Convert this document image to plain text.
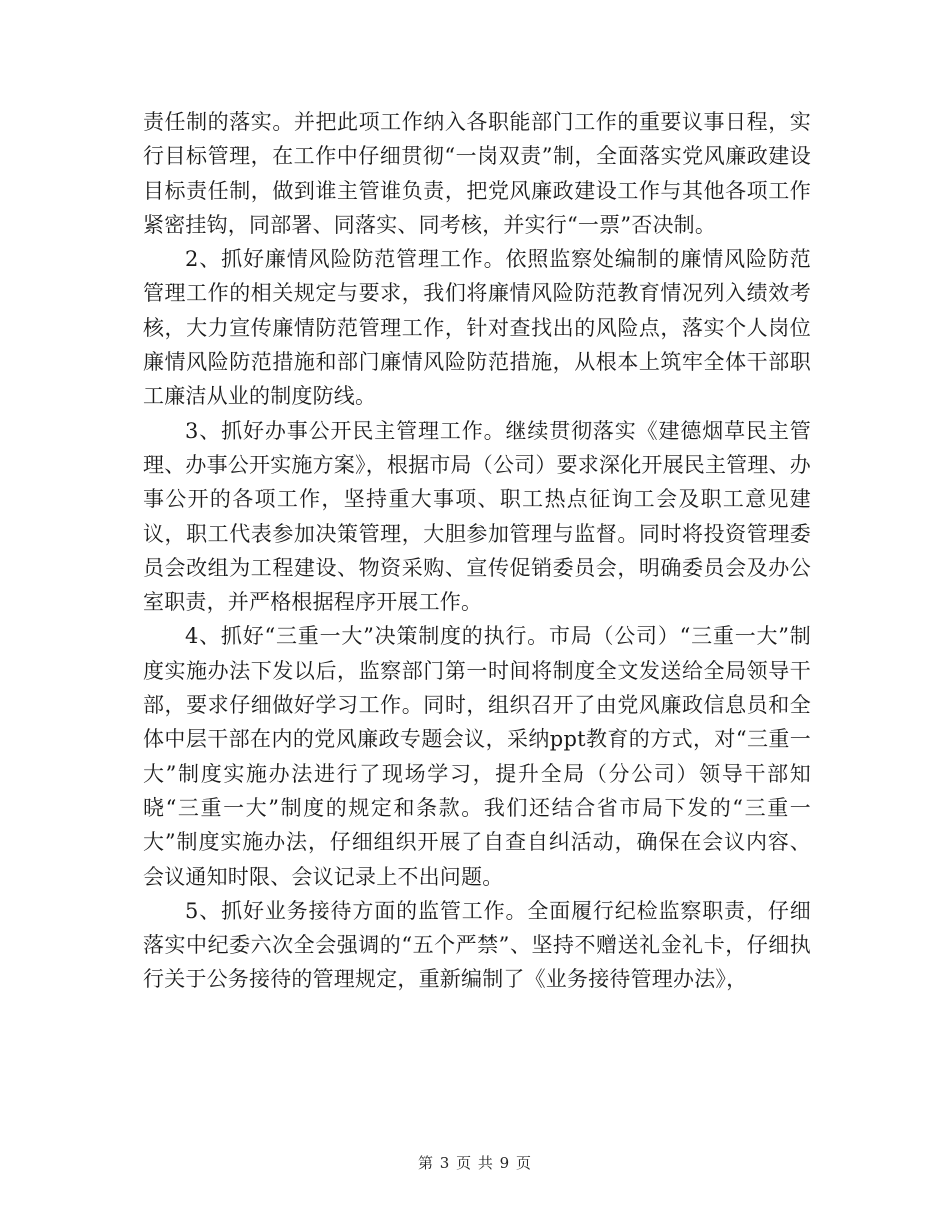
责任制的落实。并把此项工作纳入各职能部门工作的重要议事日程，实行目标管理，在工作中仔细贯彻“一岗双责”制，全面落实党风廉政建设目标责任制，做到谁主管谁负责，把党风廉政建设工作与其他各项工作紧密挂钩，同部署、同落实、同考核，并实行“一票”否决制。

2、抓好廉情风险防范管理工作。依照监察处编制的廉情风险防范管理工作的相关规定与要求，我们将廉情风险防范教育情况列入绩效考核，大力宣传廉情防范管理工作，针对查找出的风险点，落实个人岗位廉情风险防范措施和部门廉情风险防范措施，从根本上筑牢全体干部职工廉洁从业的制度防线。

3、抓好办事公开民主管理工作。继续贯彻落实《建德烟草民主管理、办事公开实施方案》，根据市局（公司）要求深化开展民主管理、办事公开的各项工作，坚持重大事项、职工热点征询工会及职工意见建议，职工代表参加决策管理，大胆参加管理与监督。同时将投资管理委员会改组为工程建设、物资采购、宣传促销委员会，明确委员会及办公室职责，并严格根据程序开展工作。

4、抓好“三重一大”决策制度的执行。市局（公司）“三重一大”制度实施办法下发以后，监察部门第一时间将制度全文发送给全局领导干部，要求仔细做好学习工作。同时，组织召开了由党风廉政信息员和全体中层干部在内的党风廉政专题会议，采纳ppt教育的方式，对“三重一大”制度实施办法进行了现场学习，提升全局（分公司）领导干部知晓“三重一大”制度的规定和条款。我们还结合省市局下发的“三重一大”制度实施办法，仔细组织开展了自查自纠活动，确保在会议内容、会议通知时限、会议记录上不出问题。

5、抓好业务接待方面的监管工作。全面履行纪检监察职责，仔细落实中纪委六次全会强调的“五个严禁”、坚持不赠送礼金礼卡，仔细执行关于公务接待的管理规定，重新编制了《业务接待管理办法》，

第 3 页 共 9 页
